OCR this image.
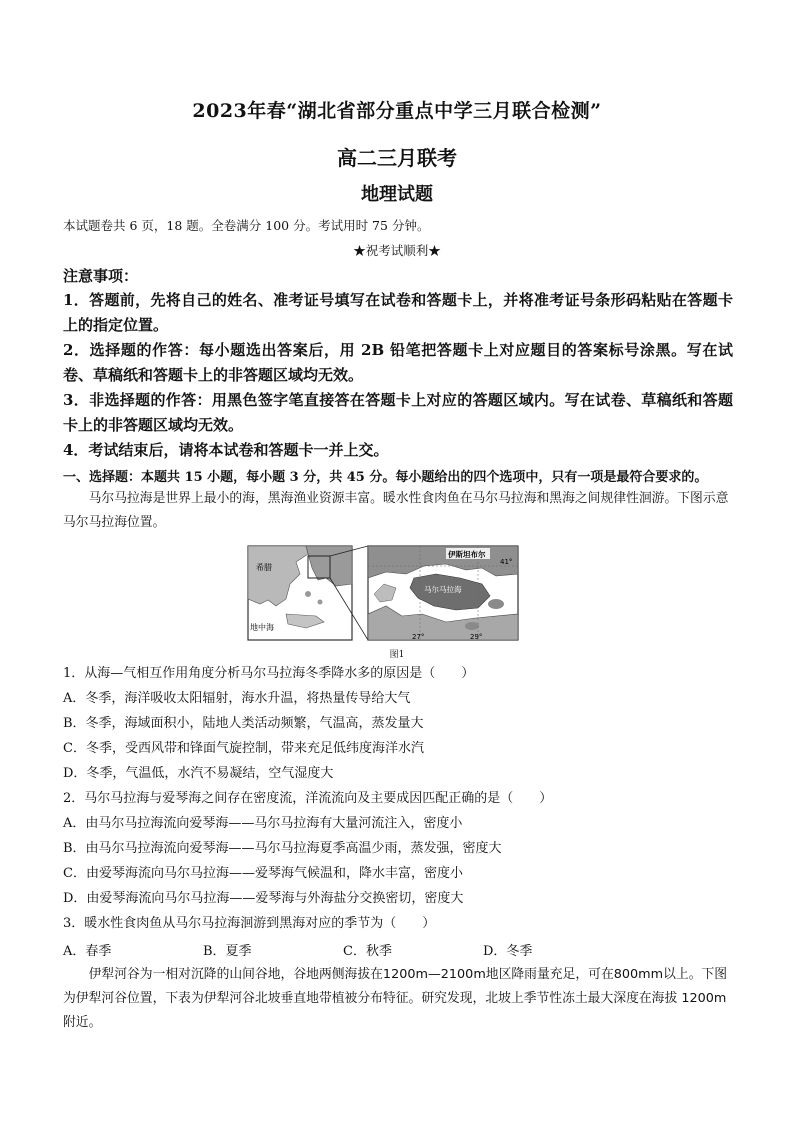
2023年春“湖北省部分重点中学三月联合检测”
高二三月联考
地理试题
本试题卷共 6 页，18 题。全卷满分 100 分。考试用时 75 分钟。
★祝考试顺利★
注意事项：
1．答题前，先将自己的姓名、准考证号填写在试卷和答题卡上，并将准考证号条形码粘贴在答题卡上的指定位置。
2．选择题的作答：每小题选出答案后，用 2B 铅笔把答题卡上对应题目的答案标号涂黑。写在试卷、草稿纸和答题卡上的非答题区域均无效。
3．非选择题的作答：用黑色签字笔直接答在答题卡上对应的答题区域内。写在试卷、草稿纸和答题卡上的非答题区域均无效。
4．考试结束后，请将本试卷和答题卡一并上交。
一、选择题：本题共 15 小题，每小题 3 分，共 45 分。每小题给出的四个选项中，只有一项是最符合要求的。
马尔马拉海是世界上最小的海，黑海渔业资源丰富。暖水性食肉鱼在马尔马拉海和黑海之间规律性洄游。下图示意马尔马拉海位置。
希腊
地中海
伊斯坦布尔
马尔马拉海
41°
27°	29°
图1
1．从海—气相互作用角度分析马尔马拉海冬季降水多的原因是（　　）
A．冬季，海洋吸收太阳辐射，海水升温，将热量传导给大气
B．冬季，海域面积小，陆地人类活动频繁，气温高，蒸发量大
C．冬季，受西风带和锋面气旋控制，带来充足低纬度海洋水汽
D．冬季，气温低，水汽不易凝结，空气湿度大
2．马尔马拉海与爱琴海之间存在密度流，洋流流向及主要成因匹配正确的是（　　）
A．由马尔马拉海流向爱琴海——马尔马拉海有大量河流注入，密度小
B．由马尔马拉海流向爱琴海——马尔马拉海夏季高温少雨，蒸发强，密度大
C．由爱琴海流向马尔马拉海——爱琴海气候温和，降水丰富，密度小
D．由爱琴海流向马尔马拉海——爱琴海与外海盐分交换密切，密度大
3．暖水性食肉鱼从马尔马拉海洄游到黑海对应的季节为（　　）
A．春季	B．夏季	C．秋季	D．冬季
伊犁河谷为一相对沉降的山间谷地，谷地两侧海拔在1200m—2100m地区降雨量充足，可在800mm以上。下图为伊犁河谷位置，下表为伊犁河谷北坡垂直地带植被分布特征。研究发现，北坡上季节性冻土最大深度在海拔 1200m附近。
